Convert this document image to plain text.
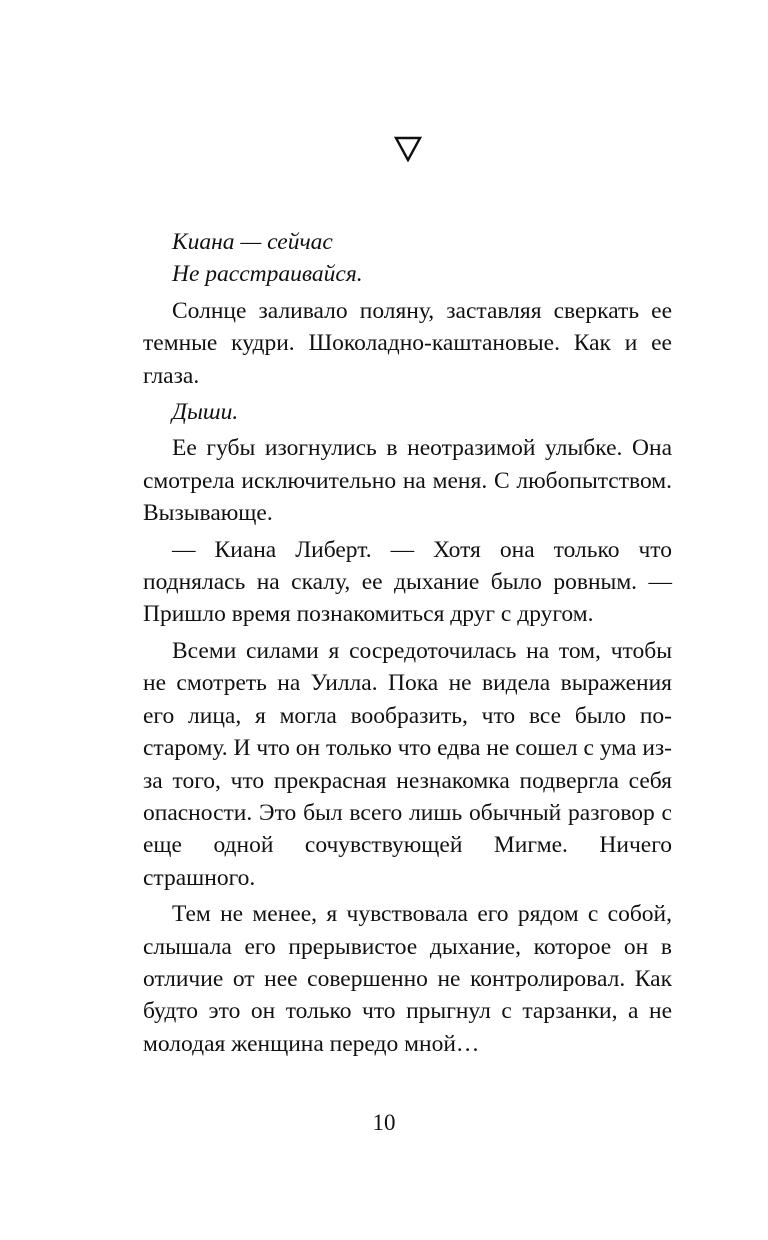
Киана — сейчас

Не расстраивайся.

Солнце заливало поляну, заставляя сверкать ее темные кудри. Шоколадно-каштановые. Как и ее глаза.

Дыши.

Ее губы изогнулись в неотразимой улыбке. Она смотрела исключительно на меня. С любопытством. Вызывающе.

— Киана Либерт. — Хотя она только что поднялась на скалу, ее дыхание было ровным. — Пришло время познакомиться друг с другом.

Всеми силами я сосредоточилась на том, чтобы не смотреть на Уилла. Пока не видела выражения его лица, я могла вообразить, что все было по-старому. И что он только что едва не сошел с ума из-за того, что прекрасная незнакомка подвергла себя опасности. Это был всего лишь обычный разговор с еще одной сочувствующей Мигме. Ничего страшного.

Тем не менее, я чувствовала его рядом с собой, слышала его прерывистое дыхание, которое он в отличие от нее совершенно не контролировал. Как будто это он только что прыгнул с тарзанки, а не молодая женщина передо мной…

10
